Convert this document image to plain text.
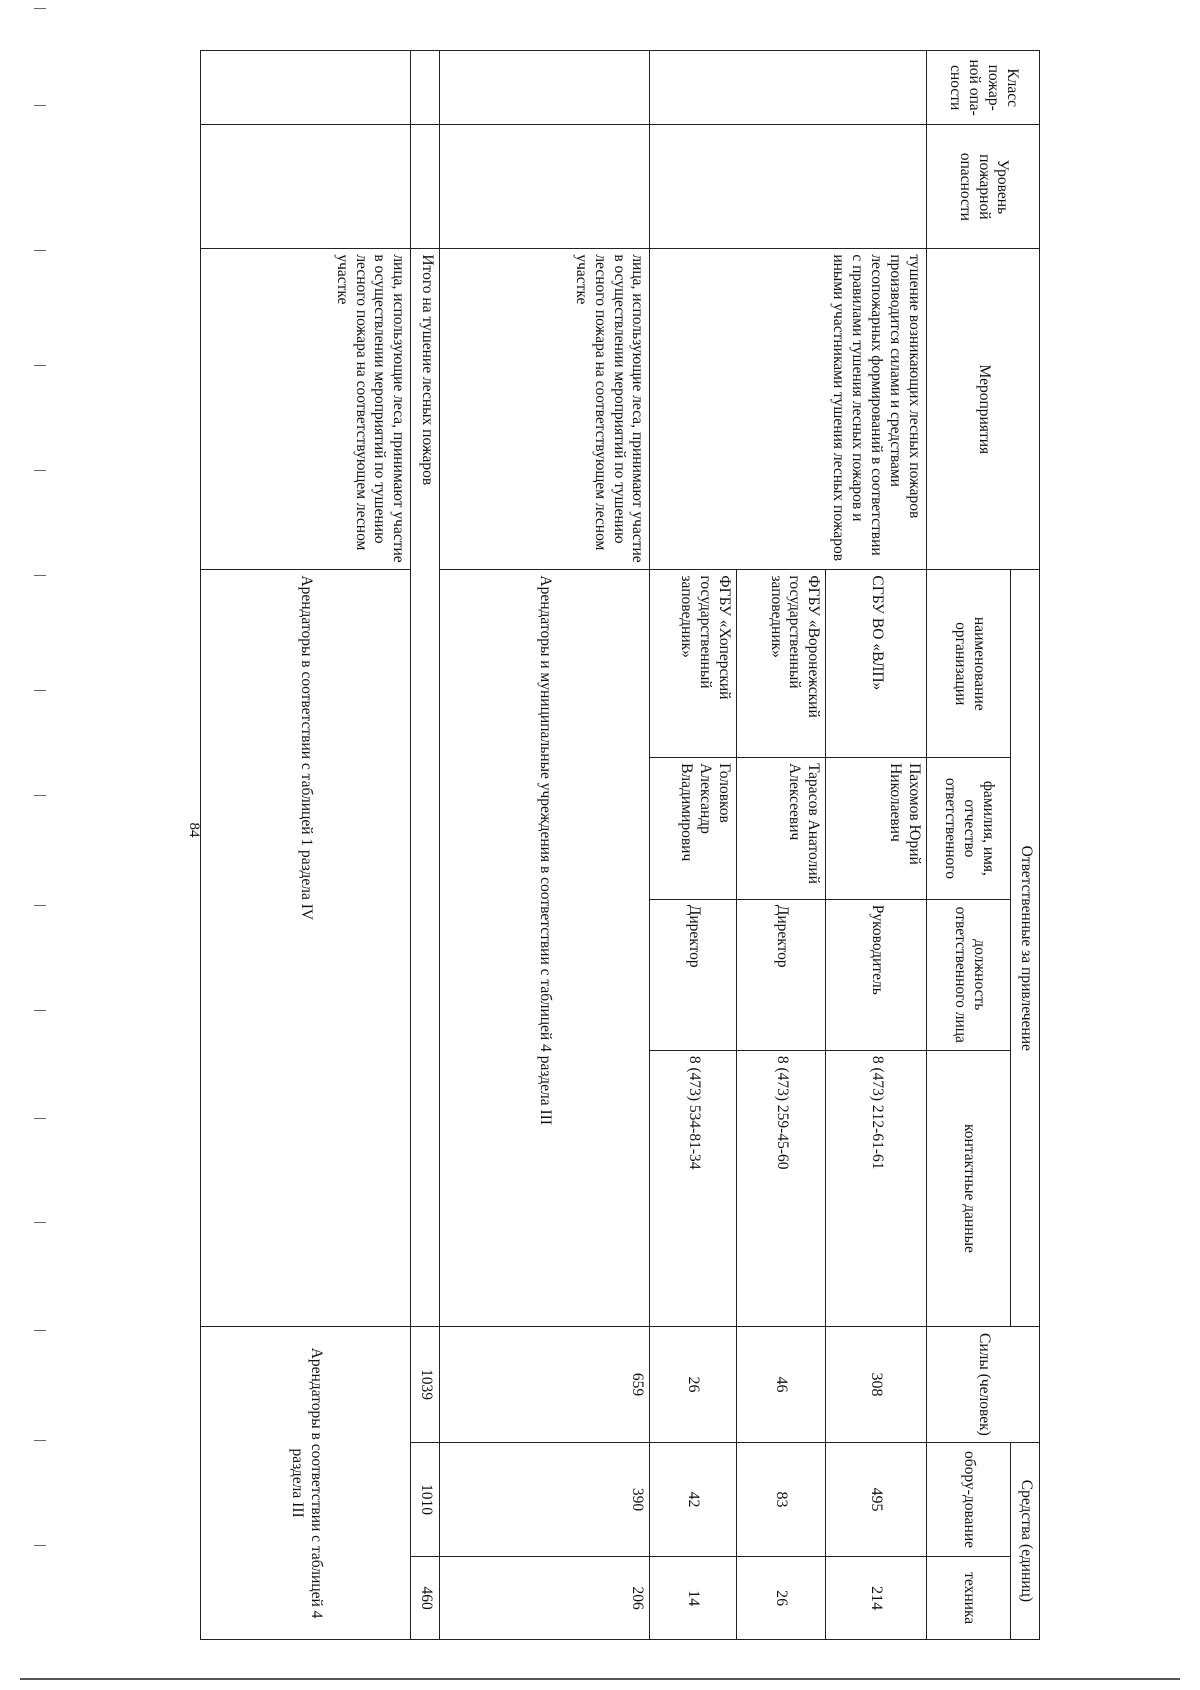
84
Класс пожар-ной опа-сности	Уровень пожарной опасности	Мероприятия	Ответственные за привлечение				Силы (человек)	Средства (единиц)	
			наименование организации	фамилия, имя, отчество ответственного	должность ответственного лица	контактные данные		обору-дование	техника

		тушение возникающих лесных пожаров производится силами и средствами лесопожарных формирований в соответствии с правилами тушения лесных пожаров и иными участниками тушения лесных пожаров	СГБУ ВО «ВЛП»	Пахомов Юрий Николаевич	Руководитель	8 (473) 212-61-61	308	495	214
			ФГБУ «Воронежский государственный заповедник»	Тарасов Анатолий Алексеевич	Директор	8 (473) 259-45-60	46	83	26
			ФГБУ «Хоперский государственный заповедник»	Головков Александр Владимирович	Директор	8 (473) 534-81-34	26	42	14
		лица, использующие леса, принимают участие в осуществлении мероприятий по тушению лесного пожара на соответствующем лесном участке	Арендаторы и муниципальные учреждения в соответствии с таблицей 4 раздела III				659	390	206
		Итого на тушение лесных пожаров					1039	1010	460
		лица, использующие леса, принимают участие в осуществлении мероприятий по тушению лесного пожара на соответствующем лесном участке	Арендаторы в соответствии с таблицей 1 раздела IV				Арендаторы в соответствии с таблицей 4 раздела III		
